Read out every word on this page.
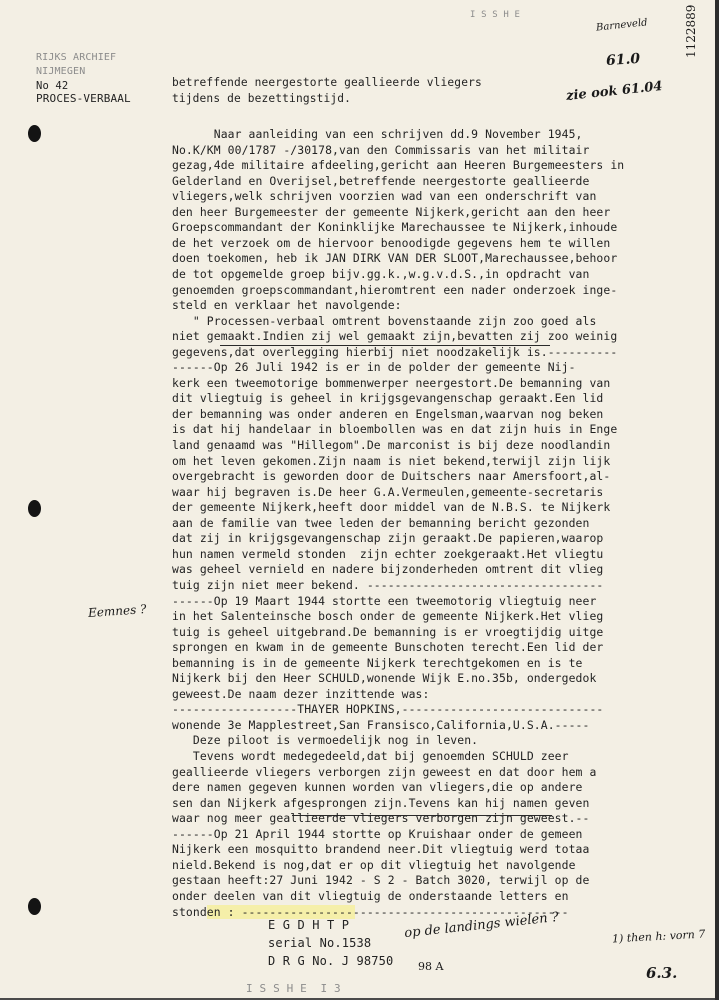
I S S H E
RIJKS ARCHIEF
NIJMEGEN
No 42
PROCES-VERBAAL
betreffende neergestorte geallieerde vliegers
tijdens de bezettingstijd.
Barneveld
61.0
zie ook 61.04
1122889
Eemnes ?
Naar aanleiding van een schrijven dd.9 November 1945,
No.K/KM 00/1787 -/30178,van den Commissaris van het militair
gezag,4de militaire afdeeling,gericht aan Heeren Burgemeesters in
Gelderland en Overijsel,betreffende neergestorte geallieerde
vliegers,welk schrijven voorzien wad van een onderschrift van
den heer Burgemeester der gemeente Nijkerk,gericht aan den heer
Groepscommandant der Koninklijke Marechaussee te Nijkerk,inhoude
de het verzoek om de hiervoor benoodigde gegevens hem te willen
doen toekomen, heb ik JAN DIRK VAN DER SLOOT,Marechaussee,behoor
de tot opgemelde groep bijv.gg.k.,w.g.v.d.S.,in opdracht van
genoemden groepscommandant,hieromtrent een nader onderzoek inge-
steld en verklaar het navolgende:
" Processen-verbaal omtrent bovenstaande zijn zoo goed als
niet gemaakt.Indien zij wel gemaakt zijn,bevatten zij zoo weinig
gegevens,dat overlegging hierbij niet noodzakelijk is.----------
------Op 26 Juli 1942 is er in de polder der gemeente Nij-
kerk een tweemotorige bommenwerper neergestort.De bemanning van
dit vliegtuig is geheel in krijgsgevangenschap geraakt.Een lid
der bemanning was onder anderen en Engelsman,waarvan nog beken
is dat hij handelaar in bloembollen was en dat zijn huis in Enge
land genaamd was "Hillegom".De marconist is bij deze noodlandin
om het leven gekomen.Zijn naam is niet bekend,terwijl zijn lijk
overgebracht is geworden door de Duitschers naar Amersfoort,al-
waar hij begraven is.De heer G.A.Vermeulen,gemeente-secretaris
der gemeente Nijkerk,heeft door middel van de N.B.S. te Nijkerk
aan de familie van twee leden der bemanning bericht gezonden
dat zij in krijgsgevangenschap zijn geraakt.De papieren,waarop
hun namen vermeld stonden  zijn echter zoekgeraakt.Het vliegtu
was geheel vernield en nadere bijzonderheden omtrent dit vlieg
tuig zijn niet meer bekend. ----------------------------------
------Op 19 Maart 1944 stortte een tweemotorig vliegtuig neer
in het Salenteinsche bosch onder de gemeente Nijkerk.Het vlieg
tuig is geheel uitgebrand.De bemanning is er vroegtijdig uitge
sprongen en kwam in de gemeente Bunschoten terecht.Een lid der
bemanning is in de gemeente Nijkerk terechtgekomen en is te
Nijkerk bij den Heer SCHULD,wonende Wijk E.no.35b, ondergedok
geweest.De naam dezer inzittende was:
------------------THAYER HOPKINS,-----------------------------
wonende 3e Mapplestreet,San Fransisco,California,U.S.A.-----
Deze piloot is vermoedelijk nog in leven.
Tevens wordt medegedeeld,dat bij genoemden SCHULD zeer
geallieerde vliegers verborgen zijn geweest en dat door hem a
dere namen gegeven kunnen worden van vliegers,die op andere
sen dan Nijkerk afgesprongen zijn.Tevens kan hij namen geven
waar nog meer geallieerde vliegers verborgen zijn geweest.--
------Op 21 April 1944 stortte op Kruishaar onder de gemeen
Nijkerk een mosquitto brandend neer.Dit vliegtuig werd totaa
nield.Bekend is nog,dat er op dit vliegtuig het navolgende
gestaan heeft:27 Juni 1942 - S 2 - Batch 3020, terwijl op de
onder deelen van dit vliegtuig de onderstaande letters en
stonden : -----------------------------------------------
E G D H T P
serial No.1538
D R G No. J 98750
op de landings wielen ?	1) then h: vorn 7
6.3.
98 A
I S S H E  I 3
